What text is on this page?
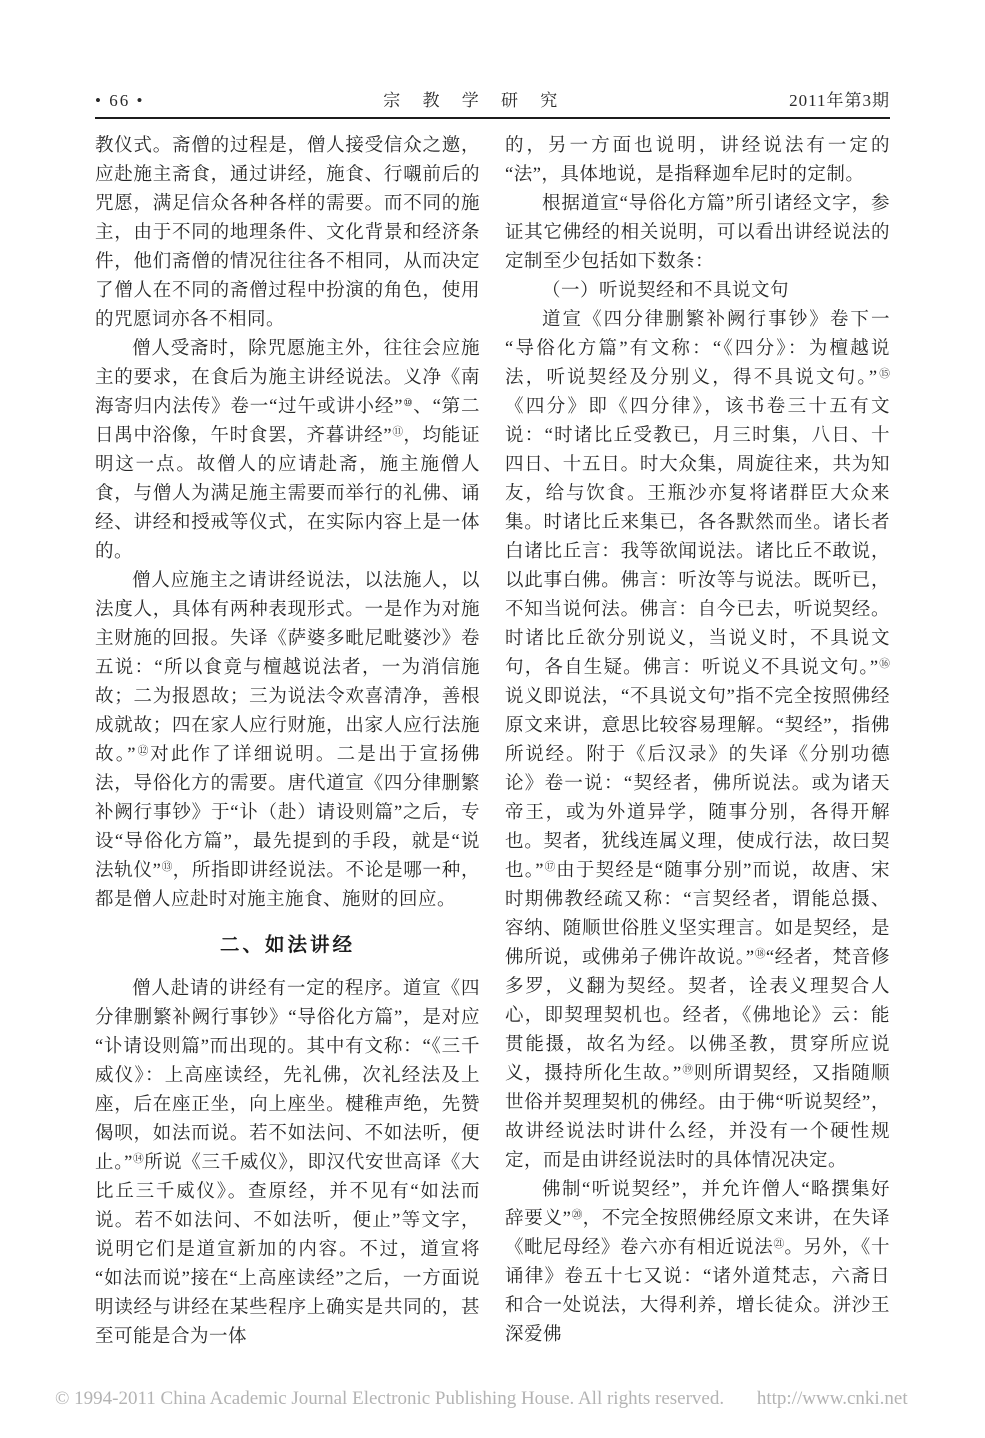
• 66 •	宗 教 学 研 究	2011年第3期

教仪式。斋僧的过程是，僧人接受信众之邀，应赴施主斋食，通过讲经，施食、行嚫前后的咒愿，满足信众各种各样的需要。而不同的施主，由于不同的地理条件、文化背景和经济条件，他们斋僧的情况往往各不相同，从而决定了僧人在不同的斋僧过程中扮演的角色，使用的咒愿词亦各不相同。

僧人受斋时，除咒愿施主外，往往会应施主的要求，在食后为施主讲经说法。义净《南海寄归内法传》卷一“过午或讲小经”⑩、“第二日禺中浴像，午时食罢，齐暮讲经”⑪，均能证明这一点。故僧人的应请赴斋，施主施僧人食，与僧人为满足施主需要而举行的礼佛、诵经、讲经和授戒等仪式，在实际内容上是一体的。

僧人应施主之请讲经说法，以法施人，以法度人，具体有两种表现形式。一是作为对施主财施的回报。失译《萨婆多毗尼毗婆沙》卷五说：“所以食竟与檀越说法者，一为消信施故；二为报恩故；三为说法令欢喜清净，善根成就故；四在家人应行财施，出家人应行法施故。”⑫对此作了详细说明。二是出于宣扬佛法，导俗化方的需要。唐代道宣《四分律删繁补阙行事钞》于“讣（赴）请设则篇”之后，专设“导俗化方篇”，最先提到的手段，就是“说法轨仪”⑬，所指即讲经说法。不论是哪一种，都是僧人应赴时对施主施食、施财的回应。

二、如法讲经

僧人赴请的讲经有一定的程序。道宣《四分律删繁补阙行事钞》“导俗化方篇”，是对应“讣请设则篇”而出现的。其中有文称：“《三千威仪》：上高座读经，先礼佛，次礼经法及上座，后在座正坐，向上座坐。楗稚声绝，先赞偈呗，如法而说。若不如法问、不如法听，便止。”⑭所说《三千威仪》，即汉代安世高译《大比丘三千威仪》。查原经，并不见有“如法而说。若不如法问、不如法听，便止”等文字，说明它们是道宣新加的内容。不过，道宣将“如法而说”接在“上高座读经”之后，一方面说明读经与讲经在某些程序上确实是共同的，甚至可能是合为一体

的，另一方面也说明，讲经说法有一定的“法”，具体地说，是指释迦牟尼时的定制。

根据道宣“导俗化方篇”所引诸经文字，参证其它佛经的相关说明，可以看出讲经说法的定制至少包括如下数条：

（一）听说契经和不具说文句

道宣《四分律删繁补阙行事钞》卷下一“导俗化方篇”有文称：“《四分》：为檀越说法，听说契经及分别义，得不具说文句。”⑮《四分》即《四分律》，该书卷三十五有文说：“时诸比丘受教已，月三时集，八日、十四日、十五日。时大众集，周旋往来，共为知友，给与饮食。王瓶沙亦复将诸群臣大众来集。时诸比丘来集已，各各默然而坐。诸长者白诸比丘言：我等欲闻说法。诸比丘不敢说，以此事白佛。佛言：听汝等与说法。既听已，不知当说何法。佛言：自今已去，听说契经。时诸比丘欲分别说义，当说义时，不具说文句，各自生疑。佛言：听说义不具说文句。”⑯说义即说法，“不具说文句”指不完全按照佛经原文来讲，意思比较容易理解。“契经”，指佛所说经。附于《后汉录》的失译《分别功德论》卷一说：“契经者，佛所说法。或为诸天帝王，或为外道异学，随事分别，各得开解也。契者，犹线连属义理，使成行法，故曰契也。”⑰由于契经是“随事分别”而说，故唐、宋时期佛教经疏又称：“言契经者，谓能总摄、容纳、随顺世俗胜义坚实理言。如是契经，是佛所说，或佛弟子佛许故说。”⑱“经者，梵音修多罗，义翻为契经。契者，诠表义理契合人心，即契理契机也。经者，《佛地论》云：能贯能摄，故名为经。以佛圣教，贯穿所应说义，摄持所化生故。”⑲则所谓契经，又指随顺世俗并契理契机的佛经。由于佛“听说契经”，故讲经说法时讲什么经，并没有一个硬性规定，而是由讲经说法时的具体情况决定。

佛制“听说契经”，并允许僧人“略撰集好辞要义”⑳，不完全按照佛经原文来讲，在失译《毗尼母经》卷六亦有相近说法$^㉑$。另外，《十诵律》卷五十七又说：“诸外道梵志，六斋日和合一处说法，大得利养，增长徒众。洴沙王深爱佛

© 1994-2011 China Academic Journal Electronic Publishing House. All rights reserved. http://www.cnki.net
